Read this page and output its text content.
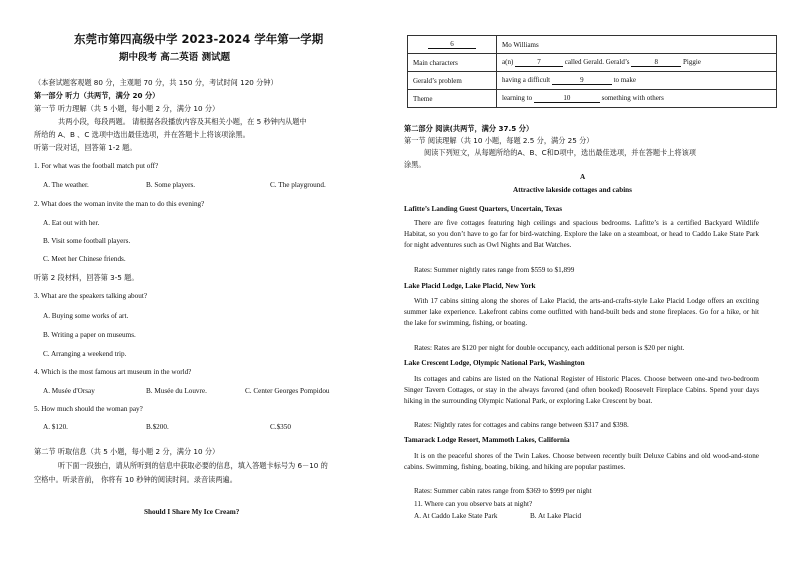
东莞市第四高级中学 2023-2024 学年第一学期
期中段考 高二英语 测试题
（本套试题客观题 80 分，主观题 70 分，共 150 分，考试时间 120 分钟）
第一部分 听力（共两节，满分 20 分）
第一节 听力理解（共 5 小题，每小题 2 分，满分 10 分）
共两小段，每段两题。 请根据各段播放内容及其相关小题，在 5 秒钟内从题中
所给的 A、B 、C 选项中选出最佳选项，并在答题卡上将该项涂黑。
听第一段对话，回答第 1-2 题。
1. For what was the football match put off?
A. The weather.	B. Some players.	C. The playground.
2. What does the woman invite the man to do this evening?
A. Eat out with her.
B. Visit some football players.
C. Meet her Chinese friends.
听第 2 段材料，回答第 3-5 题。
3. What are the speakers talking about?
A. Buying some works of art.
B. Writing a paper on museums.
C. Arranging a weekend trip.
4. Which is the most famous art museum in the world?
A. Musée d'Orsay	B. Musée du Louvre.	C. Center Georges Pompidou
5. How much should the woman pay?
A. $120.	B.$200.	C.$350
第二节 听取信息（共 5 小题，每小题 2 分，满分 10 分）
听下面一段独白，请从所听到的信息中获取必要的信息，填入答题卡标号为 6－10 的
空格中。听录音前， 你将有 10 秒钟的阅读时间。录音读两遍。
Should I Share My Ice Cream?
6	Mo Williams
Main characters	a(n) 7 called Gerald. Gerald’s 8 Piggie
Gerald’s problem	having a difficult 9 to make
Theme	learning to 10 something with others
第二部分 阅读(共两节，满分 37.5 分）
第一节 阅读理解（共 10 小题，每题 2.5 分，满分 25 分）
阅读下列短文，从每题所给的A、B、C和D项中，选出最佳选项，并在答题卡上将该项
涂黑。
A
Attractive lakeside cottages and cabins
Lafitte’s Landing Guest Quarters, Uncertain, Texas
There are five cottages featuring high ceilings and spacious bedrooms. Lafitte’s is a certified Backyard Wildlife Habitat, so you don’t have to go far for bird-watching. Explore the lake on a steamboat, or head to Caddo Lake State Park for night adventures such as Owl Nights and Bat Watches.
Rates: Summer nightly rates range from $559 to $1,899
Lake Placid Lodge, Lake Placid, New York
With 17 cabins sitting along the shores of Lake Placid, the arts-and-crafts-style Lake Placid Lodge offers an exciting summer lake experience. Lakefront cabins come outfitted with hand-built beds and stone fireplaces. Go for a hike, or hit the lake for swimming, fishing, or boating.
Rates: Rates are $120 per night for double occupancy, each additional person is $20 per night.
Lake Crescent Lodge, Olympic National Park, Washington
Its cottages and cabins are listed on the National Register of Historic Places. Choose between one-and two-bedroom Singer Tavern Cottages, or stay in the always favored (and often booked) Roosevelt Fireplace Cabins. Spend your days hiking in the surrounding Olympic National Park, or exploring Lake Crescent by boat.
Rates: Nightly rates for cottages and cabins range between $317 and $398.
Tamarack Lodge Resort, Mammoth Lakes, California
It is on the peaceful shores of the Twin Lakes. Choose between recently built Deluxe Cabins and old wood-and-stone cabins. Swimming, fishing, boating, biking, and hiking are popular pastimes.
Rates: Summer cabin rates range from $369 to $999 per night
11. Where can you observe bats at night?
A. At Caddo Lake State Park	B. At Lake Placid
